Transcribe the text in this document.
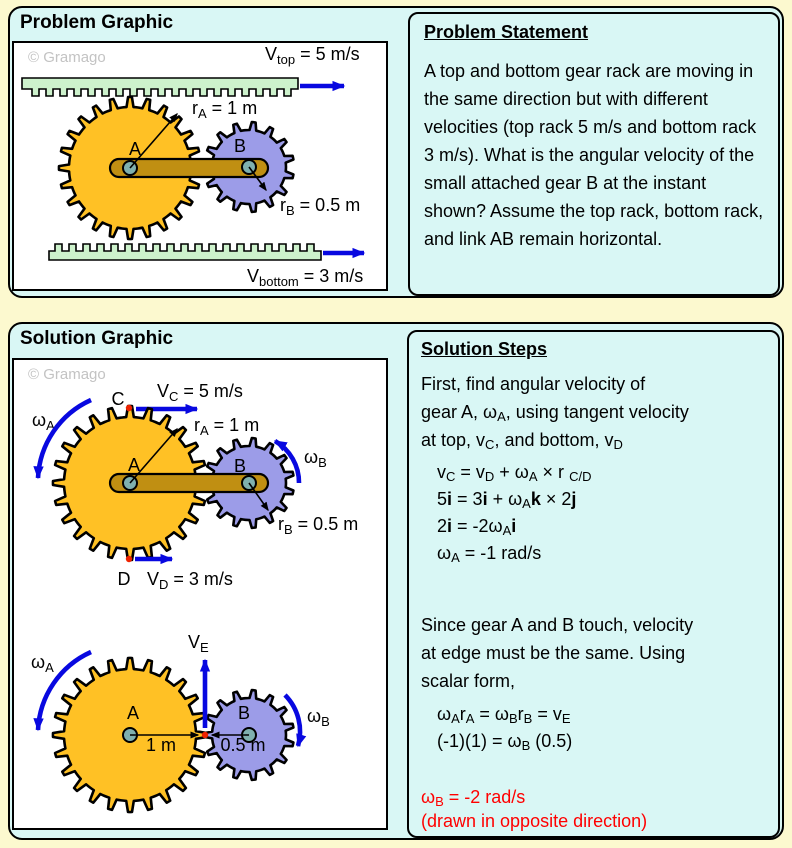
Problem Graphic
© Gramago	$V_{top} = 5$ m/s
$r_A = 1$ m
$r_B = 0.5$ m
A	B
$V_{bottom} = 3$ m/s
Problem Statement

A top and bottom gear rack are moving in the same direction but with different velocities (top rack 5 m/s and bottom rack 3 m/s). What is the angular velocity of the small attached gear B at the instant shown? Assume the top rack, bottom rack, and link AB remain horizontal.

Solution Graphic
© Gramago
$V_C = 5$ m/s
C
$\omega_A$	$r_A = 1$ m
$r_B = 0.5$ m
A	B	$\omega_B$
D $V_D = 3$ m/s
$\omega_A$
$V_E$
A	B
1 m 0.5 m
$\omega_B$
Solution Steps

First, find angular velocity of

gear A, $\omega_A$, using tangent velocity

at top, $v_C$, and bottom, $v_D$

$v_C = v_D + \omega_A \times r$ $_{C/D}$

$5i = 3i + \omega_Ak \times 2j$

$2i = -2\omega_Ai$

$\omega_A = -1$ rad/s

Since gear A and B touch, velocity

at edge must be the same. Using

scalar form,

$\omega_Ar_A = \omega_Br_B = v_E$

$(-1)(1) = \omega_B$ (0.5)

$\omega_B = -2$ rad/s

(drawn in opposite direction)
